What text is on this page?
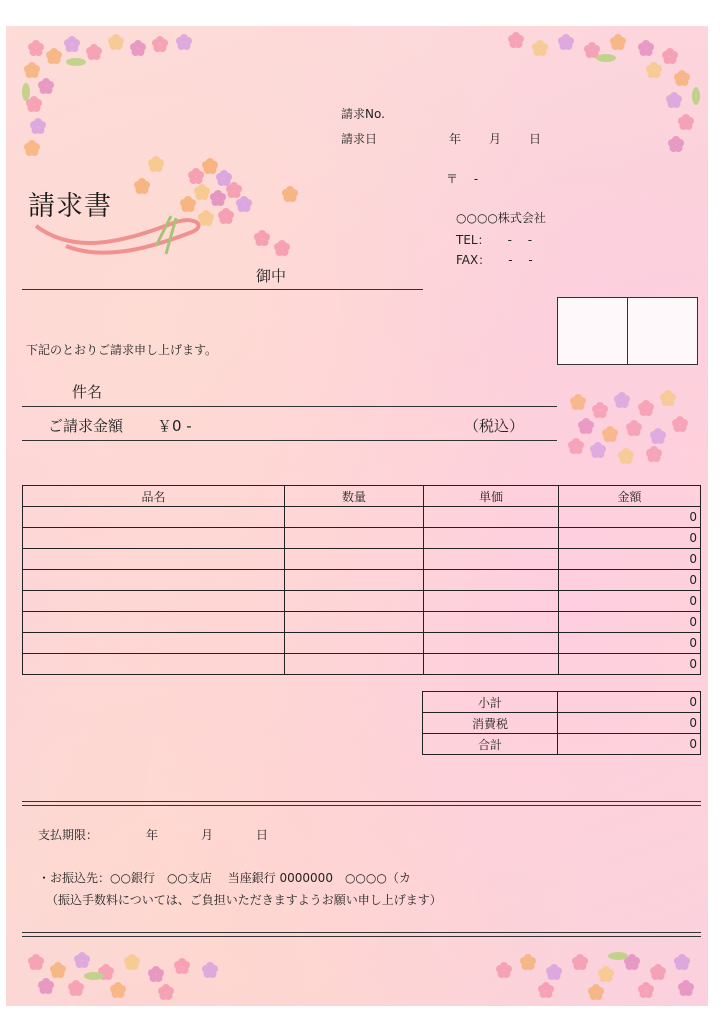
請求No.
請求日	年 月 日
請求書
〒　 -
○○○○株式会社
TEL：　　-　 -
FAX：　　-　 -
御中
下記のとおりご請求申し上げます。
件名
ご請求金額 ￥0 -	（税込）
品名	数量	単価	金額
			0
			0
			0
			0
			0
			0
			0
			0
小計	0
消費税	0
合計	0
支払期限：	年	月	日
・お振込先：○○銀行　○○支店　 当座銀行 0000000　○○○○（カ
（振込手数料については、ご負担いただきますようお願い申し上げます）
